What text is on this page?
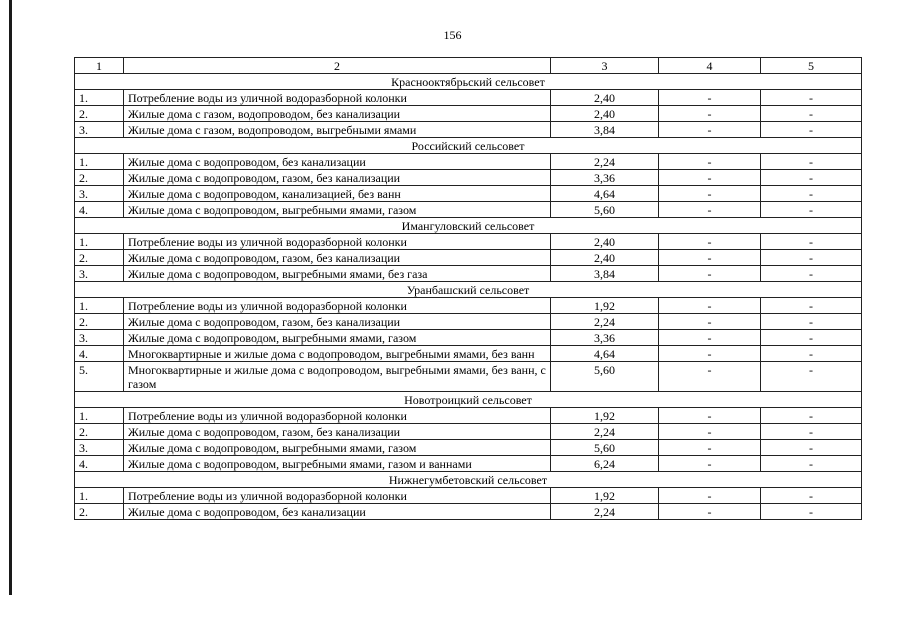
156
1	2	3	4	5
Краснооктябрьский сельсовет				
1.	Потребление воды из уличной водоразборной колонки	2,40	-	-
2.	Жилые дома с газом, водопроводом, без канализации	2,40	-	-
3.	Жилые дома с газом, водопроводом, выгребными ямами	3,84	-	-
Российский сельсовет				
1.	Жилые дома с водопроводом, без канализации	2,24	-	-
2.	Жилые дома с водопроводом, газом, без канализации	3,36	-	-
3.	Жилые дома с водопроводом, канализацией, без ванн	4,64	-	-
4.	Жилые дома с водопроводом, выгребными ямами, газом	5,60	-	-
Имангуловский сельсовет				
1.	Потребление воды из уличной водоразборной колонки	2,40	-	-
2.	Жилые дома с водопроводом, газом, без канализации	2,40	-	-
3.	Жилые дома с водопроводом, выгребными ямами, без газа	3,84	-	-
Уранбашский сельсовет				
1.	Потребление воды из уличной водоразборной колонки	1,92	-	-
2.	Жилые дома с водопроводом, газом, без канализации	2,24	-	-
3.	Жилые дома с водопроводом, выгребными ямами, газом	3,36	-	-
4.	Многоквартирные и жилые дома с водопроводом, выгребными ямами, без ванн	4,64	-	-
5.	Многоквартирные и жилые дома с водопроводом, выгребными ямами, без ванн, с газом	5,60	-	-
Новотроицкий сельсовет				
1.	Потребление воды из уличной водоразборной колонки	1,92	-	-
2.	Жилые дома с водопроводом, газом, без канализации	2,24	-	-
3.	Жилые дома с водопроводом, выгребными ямами, газом	5,60	-	-
4.	Жилые дома с водопроводом, выгребными ямами, газом и ваннами	6,24	-	-
Нижнегумбетовский сельсовет				
1.	Потребление воды из уличной водоразборной колонки	1,92	-	-
2.	Жилые дома с водопроводом, без канализации	2,24	-	-
